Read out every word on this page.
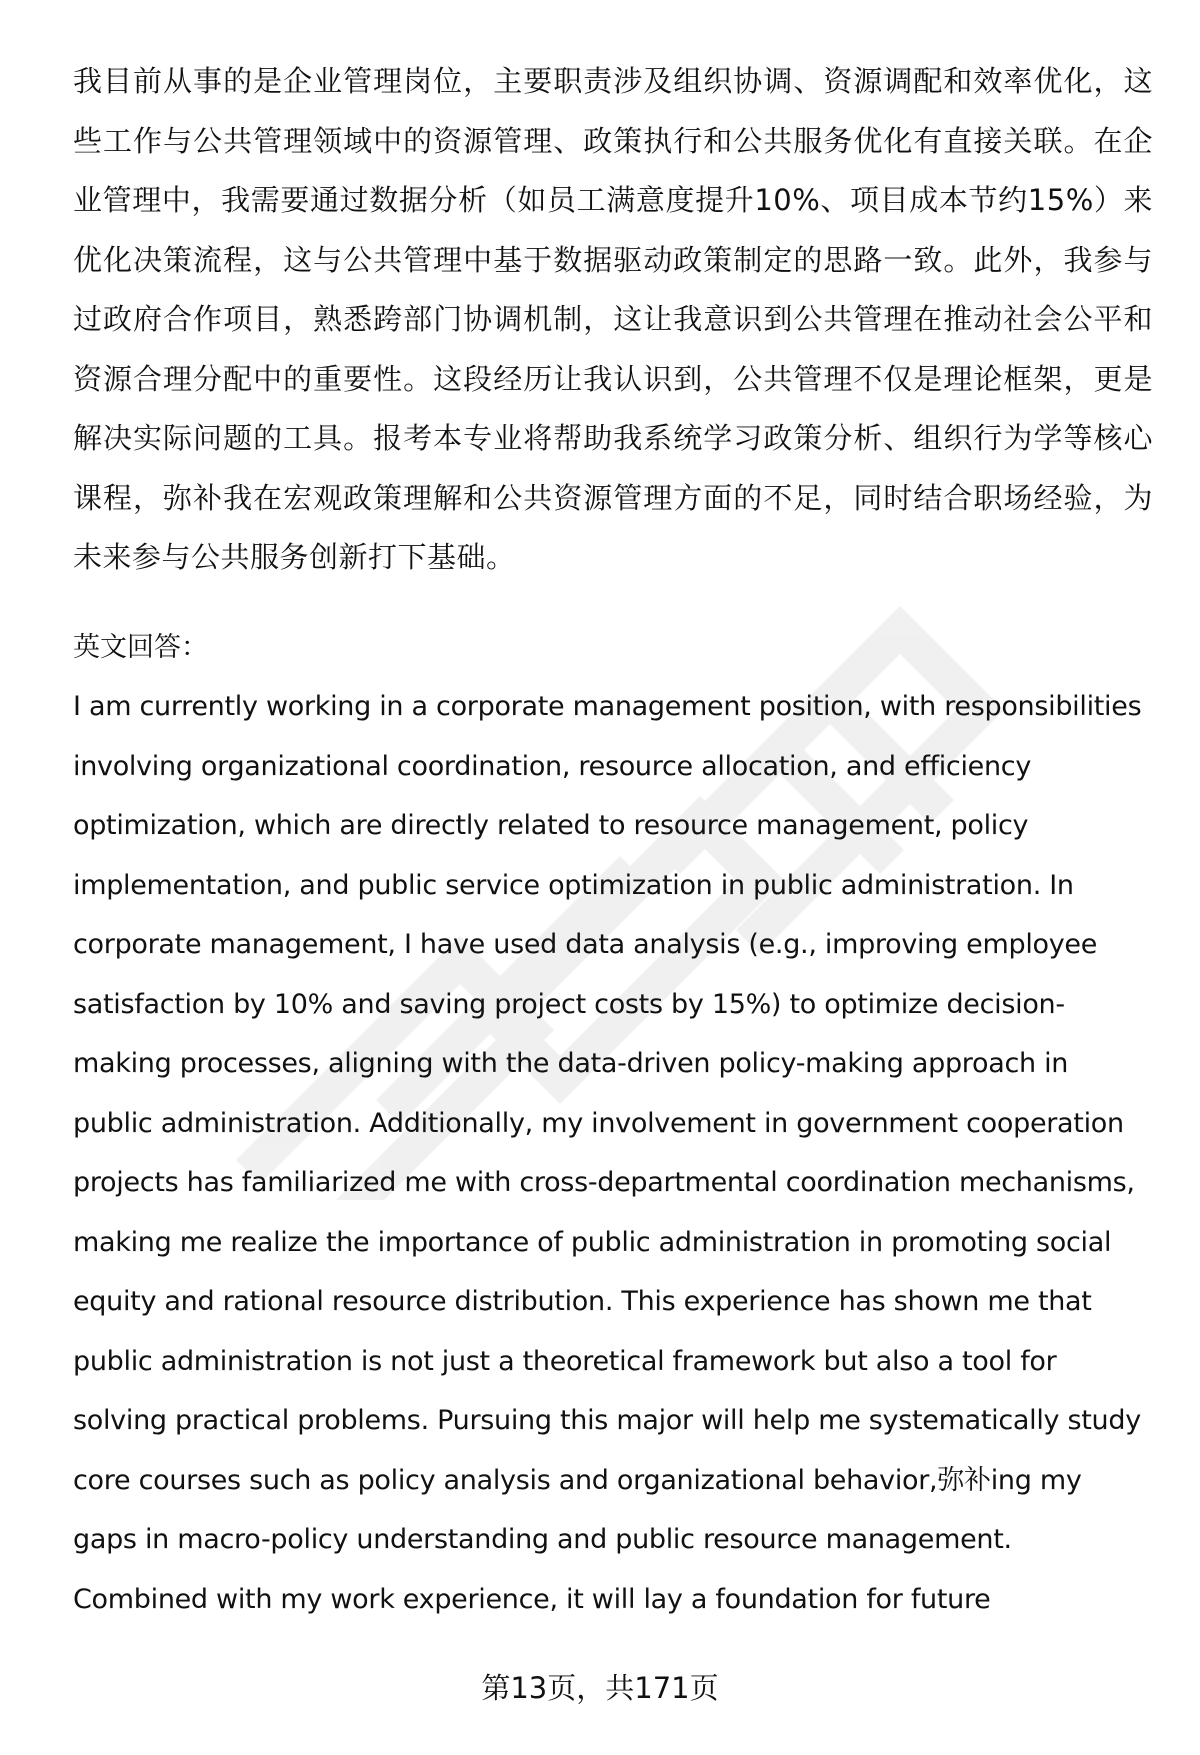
我目前从事的是企业管理岗位，主要职责涉及组织协调、资源调配和效率优化，这些工作与公共管理领域中的资源管理、政策执行和公共服务优化有直接关联。在企业管理中，我需要通过数据分析（如员工满意度提升10%、项目成本节约15%）来优化决策流程，这与公共管理中基于数据驱动政策制定的思路一致。此外，我参与过政府合作项目，熟悉跨部门协调机制，这让我意识到公共管理在推动社会公平和资源合理分配中的重要性。这段经历让我认识到，公共管理不仅是理论框架，更是解决实际问题的工具。报考本专业将帮助我系统学习政策分析、组织行为学等核心课程，弥补我在宏观政策理解和公共资源管理方面的不足，同时结合职场经验，为未来参与公共服务创新打下基础。

英文回答：

I am currently working in a corporate management position, with responsibilities involving organizational coordination, resource allocation, and efficiency optimization, which are directly related to resource management, policy implementation, and public service optimization in public administration. In corporate management, I have used data analysis (e.g., improving employee satisfaction by 10% and saving project costs by 15%) to optimize decision-making processes, aligning with the data-driven policy-making approach in public administration. Additionally, my involvement in government cooperation projects has familiarized me with cross-departmental coordination mechanisms, making me realize the importance of public administration in promoting social equity and rational resource distribution. This experience has shown me that public administration is not just a theoretical framework but also a tool for solving practical problems. Pursuing this major will help me systematically study core courses such as policy analysis and organizational behavior,弥补ing my gaps in macro-policy understanding and public resource management. Combined with my work experience, it will lay a foundation for future

第13页，共171页
